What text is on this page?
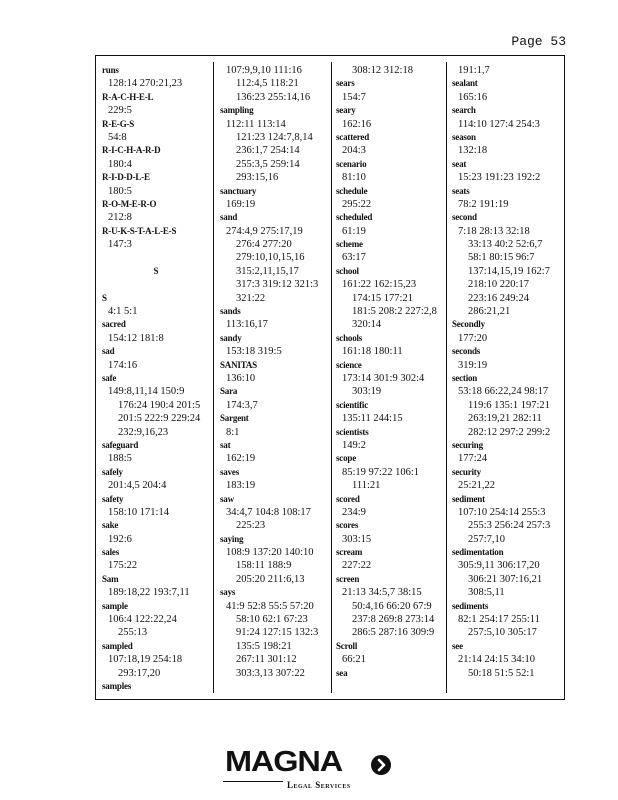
Page 53
runs
128:14 270:21,23
R-A-C-H-E-L
229:5
R-E-G-S
54:8
R-I-C-H-A-R-D
180:4
R-I-D-D-L-E
180:5
R-O-M-E-R-O
212:8
R-U-K-S-T-A-L-E-S
147:3
S
S
4:1 5:1
sacred
154:12 181:8
sad
174:16
safe
149:8,11,14 150:9
176:24 190:4 201:5
201:5 222:9 229:24
232:9,16,23
safeguard
188:5
safely
201:4,5 204:4
safety
158:10 171:14
sake
192:6
sales
175:22
Sam
189:18,22 193:7,11
sample
106:4 122:22,24
255:13
sampled
107:18,19 254:18
293:17,20
samples
107:9,9,10 111:16
112:4,5 118:21
136:23 255:14,16
sampling
112:11 113:14
121:23 124:7,8,14
236:1,7 254:14
255:3,5 259:14
293:15,16
sanctuary
169:19
sand
274:4,9 275:17,19
276:4 277:20
279:10,10,15,16
315:2,11,15,17
317:3 319:12 321:3
321:22
sands
113:16,17
sandy
153:18 319:5
SANITAS
136:10
Sara
174:3,7
Sargent
8:1
sat
162:19
saves
183:19
saw
34:4,7 104:8 108:17
225:23
saying
108:9 137:20 140:10
158:11 188:9
205:20 211:6,13
says
41:9 52:8 55:5 57:20
58:10 62:1 67:23
91:24 127:15 132:3
135:5 198:21
267:11 301:12
303:3,13 307:22
308:12 312:18
sears
154:7
seary
162:16
scattered
204:3
scenario
81:10
schedule
295:22
scheduled
61:19
scheme
63:17
school
161:22 162:15,23
174:15 177:21
181:5 208:2 227:2,8
320:14
schools
161:18 180:11
science
173:14 301:9 302:4
303:19
scientific
135:11 244:15
scientists
149:2
scope
85:19 97:22 106:1
111:21
scored
234:9
scores
303:15
scream
227:22
screen
21:13 34:5,7 38:15
50:4,16 66:20 67:9
237:8 269:8 273:14
286:5 287:16 309:9
Scroll
66:21
sea
191:1,7
sealant
165:16
search
114:10 127:4 254:3
season
132:18
seat
15:23 191:23 192:2
seats
78:2 191:19
second
7:18 28:13 32:18
33:13 40:2 52:6,7
58:1 80:15 96:7
137:14,15,19 162:7
218:10 220:17
223:16 249:24
286:21,21
Secondly
177:20
seconds
319:19
section
53:18 66:22,24 98:17
119:6 135:1 197:21
263:19,21 282:11
282:12 297:2 299:2
securing
177:24
security
25:21,22
sediment
107:10 254:14 255:3
255:3 256:24 257:3
257:7,10
sedimentation
305:9,11 306:17,20
306:21 307:16,21
308:5,11
sediments
82:1 254:17 255:11
257:5,10 305:17
see
21:14 24:15 34:10
50:18 51:5 52:1
MAGNA
Legal Services
